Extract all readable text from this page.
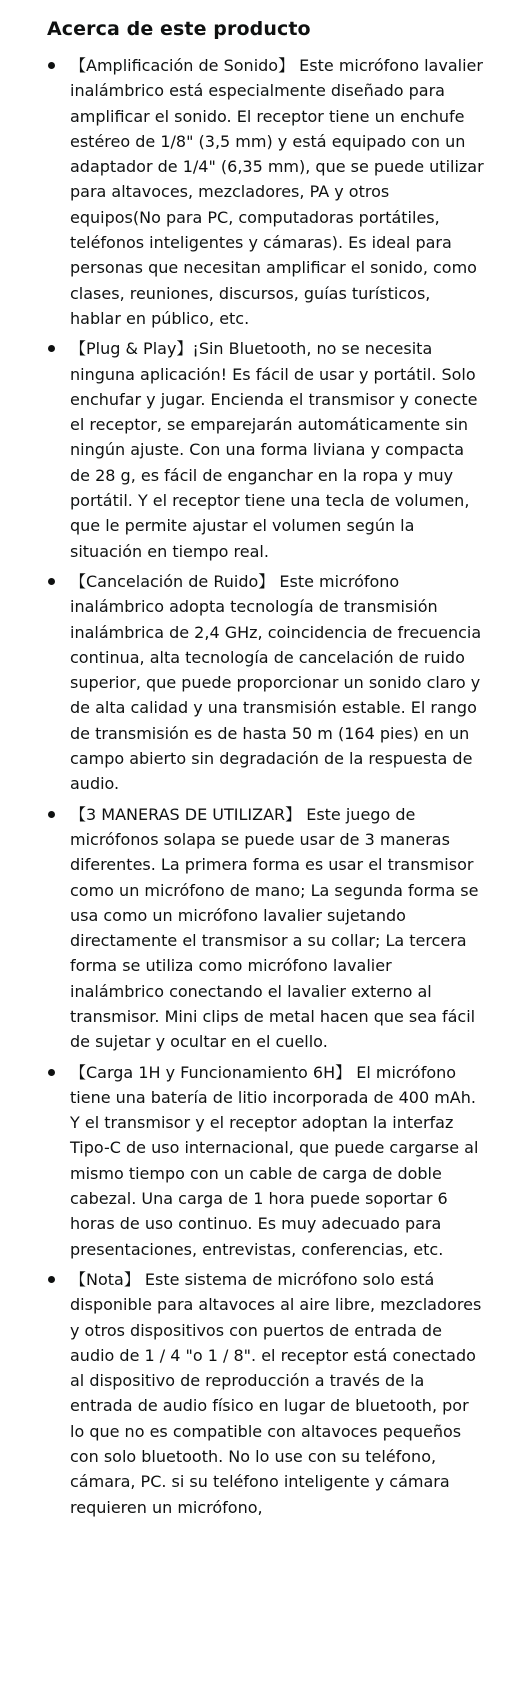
Acerca de este producto
【Amplificación de Sonido】 Este micrófono lavalier inalámbrico está especialmente diseñado para amplificar el sonido. El receptor tiene un enchufe estéreo de 1/8" (3,5 mm) y está equipado con un adaptador de 1/4" (6,35 mm), que se puede utilizar para altavoces, mezcladores, PA y otros equipos(No para PC, computadoras portátiles, teléfonos inteligentes y cámaras). Es ideal para personas que necesitan amplificar el sonido, como clases, reuniones, discursos, guías turísticos, hablar en público, etc.
【Plug & Play】¡Sin Bluetooth, no se necesita ninguna aplicación! Es fácil de usar y portátil. Solo enchufar y jugar. Encienda el transmisor y conecte el receptor, se emparejarán automáticamente sin ningún ajuste. Con una forma liviana y compacta de 28 g, es fácil de enganchar en la ropa y muy portátil. Y el receptor tiene una tecla de volumen, que le permite ajustar el volumen según la situación en tiempo real.
【Cancelación de Ruido】 Este micrófono inalámbrico adopta tecnología de transmisión inalámbrica de 2,4 GHz, coincidencia de frecuencia continua, alta tecnología de cancelación de ruido superior, que puede proporcionar un sonido claro y de alta calidad y una transmisión estable. El rango de transmisión es de hasta 50 m (164 pies) en un campo abierto sin degradación de la respuesta de audio.
【3 MANERAS DE UTILIZAR】 Este juego de micrófonos solapa se puede usar de 3 maneras diferentes. La primera forma es usar el transmisor como un micrófono de mano; La segunda forma se usa como un micrófono lavalier sujetando directamente el transmisor a su collar; La tercera forma se utiliza como micrófono lavalier inalámbrico conectando el lavalier externo al transmisor. Mini clips de metal hacen que sea fácil de sujetar y ocultar en el cuello.
【Carga 1H y Funcionamiento 6H】 El micrófono tiene una batería de litio incorporada de 400 mAh. Y el transmisor y el receptor adoptan la interfaz Tipo-C de uso internacional, que puede cargarse al mismo tiempo con un cable de carga de doble cabezal. Una carga de 1 hora puede soportar 6 horas de uso continuo. Es muy adecuado para presentaciones, entrevistas, conferencias, etc.
【Nota】 Este sistema de micrófono solo está disponible para altavoces al aire libre, mezcladores y otros dispositivos con puertos de entrada de audio de 1 / 4 "o 1 / 8". el receptor está conectado al dispositivo de reproducción a través de la entrada de audio físico en lugar de bluetooth, por lo que no es compatible con altavoces pequeños con solo bluetooth. No lo use con su teléfono, cámara, PC. si su teléfono inteligente y cámara requieren un micrófono,
